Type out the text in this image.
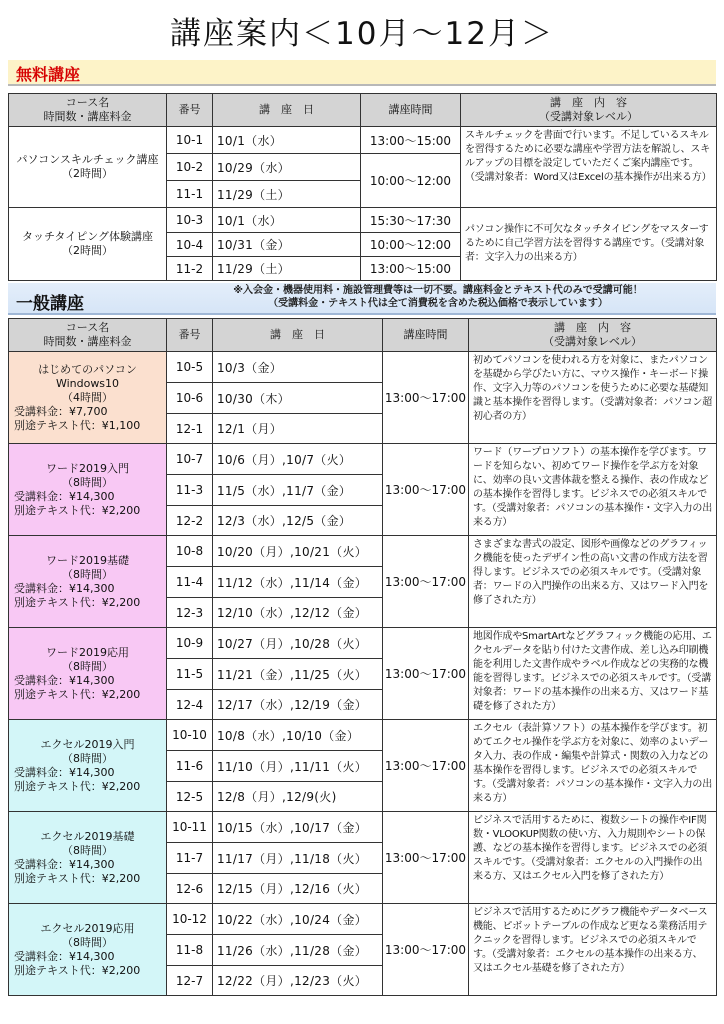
講座案内＜10月〜12月＞
無料講座
コース名
時間数・講座料金	番号	講　座　日	講座時間	講　座　内　容
（受講対象レベル）

パソコンスキルチェック講座
（2時間）	10-1	10/1（水）	13:00〜15:00	スキルチェックを書面で行います。不足しているスキルを習得するために必要な講座や学習方法を解説し、スキルアップの目標を設定していただくご案内講座です。（受講対象者：Word又はExcelの基本操作が出来る方）
	10-2	10/29（水）	10:00〜12:00	
	11-1	11/29（土）		

タッチタイピング体験講座
（2時間）	10-3	10/1（水）	15:30〜17:30	パソコン操作に不可欠なタッチタイピングをマスターするために自己学習方法を習得する講座です。（受講対象者：文字入力の出来る方）
	10-4	10/31（金）	10:00〜12:00	
	11-2	11/29（土）	13:00〜15:00	
一般講座
※入会金・機器使用料・施設管理費等は一切不要。講座料金とテキスト代のみで受講可能！
（受講料金・テキスト代は全て消費税を含めた税込価格で表示しています）
コース名
時間数・講座料金	番号	講　座　日	講座時間	講　座　内　容
（受講対象レベル）

はじめてのパソコン
Windows10
（4時間）
受講料金：¥7,700
別途テキスト代：¥1,100	10-5	10/3（金）	13:00〜17:00	初めてパソコンを使われる方を対象に、またパソコンを基礎から学びたい方に、マウス操作・キーボード操作、文字入力等のパソコンを使うために必要な基礎知識と基本操作を習得します。（受講対象者：パソコン超初心者の方）
	10-6	10/30（木）		
	12-1	12/1（月）		

ワード2019入門
（8時間）
受講料金：¥14,300
別途テキスト代：¥2,200	10-7	10/6（月）,10/7（火）	13:00〜17:00	ワード（ワープロソフト）の基本操作を学びます。ワードを知らない、初めてワード操作を学ぶ方を対象に、効率の良い文書体裁を整える操作、表の作成などの基本操作を習得します。ビジネスでの必須スキルです。（受講対象者：パソコンの基本操作・文字入力の出来る方）
	11-3	11/5（水）,11/7（金）		
	12-2	12/3（水）,12/5（金）		

ワード2019基礎
（8時間）
受講料金：¥14,300
別途テキスト代：¥2,200	10-8	10/20（月）,10/21（火）	13:00〜17:00	さまざまな書式の設定、図形や画像などのグラフィック機能を使ったデザイン性の高い文書の作成方法を習得します。ビジネスでの必須スキルです。（受講対象者：ワードの入門操作の出来る方、又はワード入門を修了された方）
	11-4	11/12（水）,11/14（金）		
	12-3	12/10（水）,12/12（金）		

ワード2019応用
（8時間）
受講料金：¥14,300
別途テキスト代：¥2,200	10-9	10/27（月）,10/28（火）	13:00〜17:00	地図作成やSmartArtなどグラフィック機能の応用、エクセルデータを貼り付けた文書作成、差し込み印刷機能を利用した文書作成やラベル作成などの実務的な機能を習得します。ビジネスでの必須スキルです。（受講対象者：ワードの基本操作の出来る方、又はワード基礎を修了された方）
	11-5	11/21（金）,11/25（火）		
	12-4	12/17（水）,12/19（金）		

エクセル2019入門
（8時間）
受講料金：¥14,300
別途テキスト代：¥2,200	10-10	10/8（水）,10/10（金）	13:00〜17:00	エクセル（表計算ソフト）の基本操作を学びます。初めてエクセル操作を学ぶ方を対象に、効率のよいデータ入力、表の作成・編集や計算式・関数の入力などの基本操作を習得します。ビジネスでの必須スキルです。（受講対象者：パソコンの基本操作・文字入力の出来る方）
	11-6	11/10（月）,11/11（火）		
	12-5	12/8（月）,12/9(火)		

エクセル2019基礎
（8時間）
受講料金：¥14,300
別途テキスト代：¥2,200	10-11	10/15（水）,10/17（金）	13:00〜17:00	ビジネスで活用するために、複数シートの操作やIF関数・VLOOKUP関数の使い方、入力規則やシートの保護、などの基本操作を習得します。ビジネスでの必須スキルです。（受講対象者：エクセルの入門操作の出来る方、又はエクセル入門を修了された方）
	11-7	11/17（月）,11/18（火）		
	12-6	12/15（月）,12/16（火）		

エクセル2019応用
（8時間）
受講料金：¥14,300
別途テキスト代：¥2,200	10-12	10/22（水）,10/24（金）	13:00〜17:00	ビジネスで活用するためにグラフ機能やデータベース機能、ピボットテーブルの作成など更なる業務活用テクニックを習得します。ビジネスでの必須スキルです。（受講対象者：エクセルの基本操作の出来る方、又はエクセル基礎を修了された方）
	11-8	11/26（水）,11/28（金）		
	12-7	12/22（月）,12/23（火）		
